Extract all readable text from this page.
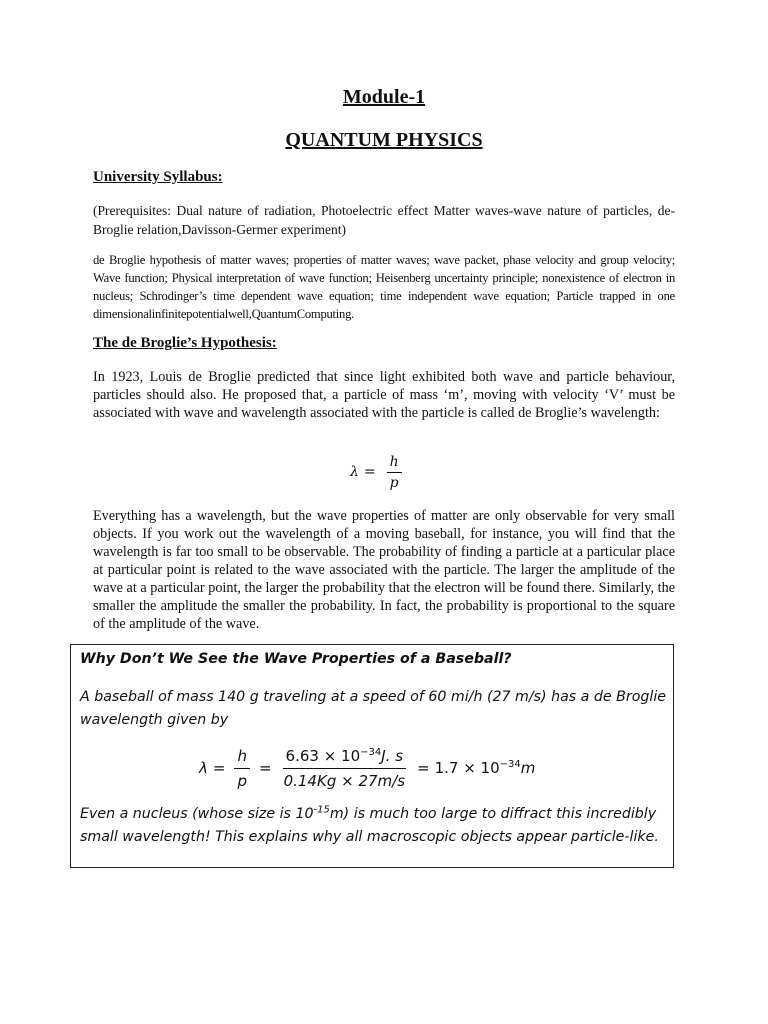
Module-1
QUANTUM PHYSICS
University Syllabus:
(Prerequisites: Dual nature of radiation, Photoelectric effect Matter waves-wave nature of particles, de-Broglie relation,Davisson-Germer experiment)
de Broglie hypothesis of matter waves; properties of matter waves; wave packet, phase velocity and group velocity; Wave function; Physical interpretation of wave function; Heisenberg uncertainty principle; nonexistence of electron in nucleus; Schrodinger’s time dependent wave equation; time independent wave equation; Particle trapped in one dimensionalinfinitepotentialwell,QuantumComputing.
The de Broglie’s Hypothesis:
In 1923, Louis de Broglie predicted that since light exhibited both wave and particle behaviour, particles should also. He proposed that, a particle of mass ‘m’, moving with velocity ‘V’ must be associated with wave and wavelength associated with the particle is called de Broglie’s wavelength:
$\lambda = \frac{h}{p}$
Everything has a wavelength, but the wave properties of matter are only observable for very small objects. If you work out the wavelength of a moving baseball, for instance, you will find that the wavelength is far too small to be observable. The probability of finding a particle at a particular place at particular point is related to the wave associated with the particle. The larger the amplitude of the wave at a particular point, the larger the probability that the electron will be found there. Similarly, the smaller the amplitude the smaller the probability. In fact, the probability is proportional to the square of the amplitude of the wave.
Why Don’t We See the Wave Properties of a Baseball?
A baseball of mass 140 g traveling at a speed of 60 mi/h (27 m/s) has a de Broglie wavelength given by
$\lambda = \frac{h}{p} = \frac{6.63 \times 10^{-34}J. s}{0.14Kg \times 27m/s} = 1.7 \times 10^{-34}m$
Even a nucleus (whose size is $10^{-15}m$) is much too large to diffract this incredibly small wavelength! This explains why all macroscopic objects appear particle-like.
